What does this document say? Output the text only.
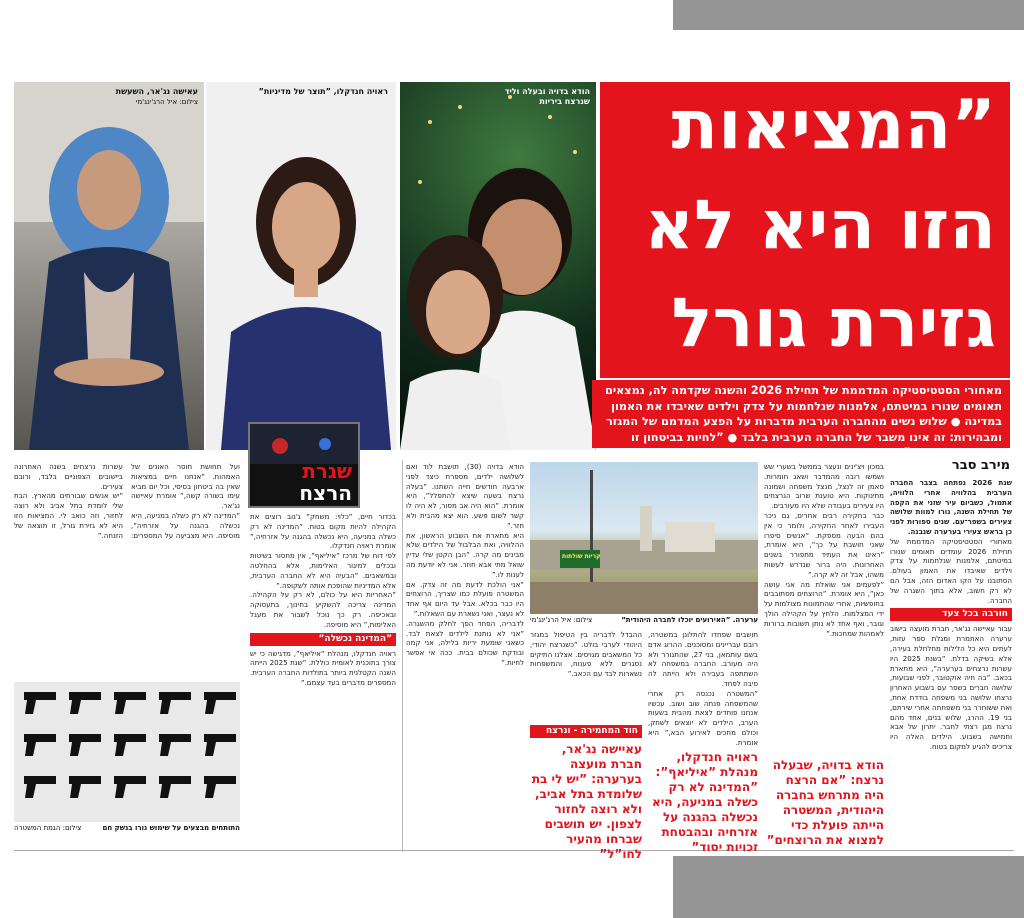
עאישה נג'אר, השעשת
צילום: איל הרג'ינג'מי
ראויה חנדקלו, ”תוצר של מדיניות”	הודא בדויה ובעלה וליד שנרצח ביריות ”המציאות
הזו היא לא
גזירת גורל
מאחורי הסטטיסטיקה המדממת של תחילת 2026 והשנה שקדמה לה, נמצאים תאומים שנורו במיטתם, אלמנות שנלחמות על צדק וילדים שאיבדו את האמון במדינה ● שלוש נשים מהחברה הערבית מדברות על הפצע המדמם של המגזר ומבהירות: זה אינו משבר של החברה הערבית בלבד ● ”לחיות בביטחון זו הזכות הכי בסיסית”
שגרת
הרצח
מירב סבר

שנת 2026 נפתחה בצבר החברה הערבית בהלוויה אחרי הלוויה, אתמול, כשביום עיר שזני את הקפה של תחילת השנה, נורו למוות שלושה צעירים בשפר־עם. שנים ספורות לפני כן בראש צעירי בערערה שנבנה.

מאחורי הסטטיסטיקה המדממת של תחילת 2026 עומדים תאומים שנורו במיטתם, אלמנות שנלחמות על צדק וילדים שאיבדו את האמון בעולם. הסתובנו על הקו האדום הזה, אבל הם לא רק חשוב, אלא בתוך השגרה של החברה.

חורבה בכל צעד

עבור עאיישה נג'אר, חברת מועצה בישוב ערערה האתמרת ומגלת ספר עזות, לעתים היא כל הלילות מחלחלת בעירה, אלא בשיקה בדלת. ”בשנת 2025 היו עשרות נרצחים בערערה”, היא מתארת בכאב. ”בה חיה אוקטובר, לפני שבועות, שלושה חברים בשפר עם בשבוע האחרון נרצחו שלושה בני משפחה בודדת אחת, ואח ששוחרר בני משפחתה אחרי שירתם, בני 19. ההרג, שלוש בנים, אחד מהם נרצח מגן רצתי לחבר. יתרון של אבא וחמישה בשבוע. הילדים האלה היו צריכים להגיע למקום בטוח.

במכון ויצ'ינים ונעצר בממשל בשערי שש ושמשו רובה מהמדבר ושאג חומרות. סאמן זה לנצל, מנצל משפחה ושמונה מתינוקות. היא טוענת שרוב הנרצחים היו צעירים בעבודה שלא היו מעורבים.

כבר בחקירה רבים אחרים, גם ניכר העבירו לאחר החקירה, ולומר כי אין בהם הבעה מספקת. ”אנשים סיפרו שאני חושבת על כך”, היא אומרת, ”ראינו את העתיד מתפורר בשנים האחרונות. היה ברור שנדרש לעשות משהו, אבל זה לא קרה.”

”לפעמים אני שואלת מה אני עושה כאן”, היא אומרת. ”הרוצחים מסתובבים בחופשיות, אחרי שהתמונות מצולמות על ידי המצלמות. הלחץ על הקהילה הולך וגובר, ואף אחד לא נותן תשובות ברורות לאמהות שמחכות.”

הודא בדויה, שבעלה נרצח: ”אם הרצח היה מתרחש בחברה היהודית, המשטרה הייתה פועלת כדי למצוא את הרוצחים”
קריות שולתות
ערערה. ”האירועים יוכלו לחברה היהודית”
צילום: איל הרג'ינג'מי

תושבים שפחדו להתלונן במשטרה, רובם עבריינים ומסוכנים. ההרוג אדם בשם עותמאן, בני 27, שהתגורר ולא היה מעורב. החברה במשפחה לא השתתפה בעבירה ולא הייתה לה סיבה לפחד.

”המשטרה נכנסה רק אחרי שהמשפחה פנתה שוב ושוב. עכשיו אנחנו פוחדים לצאת מהבית בשעות הערב, הילדים לא יוצאים לשחק, וכולם מחכים לאירוע הבא,” היא אומרת.

ההבדל לדבריה בין הטיפול במגזר היהודי לערבי בולט. ”כשנרצח יהודי, כל המשאבים מגויסים. אצלנו התיקים נסגרים ללא פענוח, והמשפחות נשארות לבד עם הכאב.”

חוד המחמירה - ונרצח
ראויה חנדקלו, מנהלת ”איליאף”: ”המדינה לא רק כשלה במניעה, היא נכשלה בהגנה על אזרחיה ובהבטחת זכויות יסוד”
עאיישה נג'אר, חברת מועצה בערערה: ”יש לי בת שלומדת בתל אביב, ולא רוצה לחזור לצפון. יש תושבים שברחו מהעיר לחו”ל”

הודא בדויה (30), תושבת לוד ואם לשלושה ילדים, מספרת כיצד לפני ארבעה חודשים חייה השתנו. ”בעלה נרצח בשעה שיצא להתפלל”, היא אומרת. ”הוא היה אב מסור, לא היה לו קשר לשום פשע. הוא יצא מהבית ולא חזר.”

היא מתארת את השבוע הראשון, את ההלוויה, ואת הבלבול של הילדים שלא מבינים מה קרה. ”הבן הקטן שלי עדיין שואל מתי אבא חוזר. אני לא יודעת מה לענות לו.”

”אני הולכת לדעת מה זה צדק. אם המשטרה פועלת כמו שצריך, הרוצחים היו כבר בכלא. אבל עד היום אף אחד לא נעצר, ואני נשארת עם השאלות.”

לדבריה, הפחד הפך לחלק מהשגרה. ”אני לא נותנת לילדים לצאת לבד. כשאני שומעת יריות בלילה, אני קמה ובודקת שכולם בבית. ככה אי אפשר לחיות.”

בכדור חיים, ”כלוי: משחק” ג'נוב רוצים את הקהילה להיות מקום בטוח. ”המדינה לא רק כשלה במניעה, היא נכשלה בהגנה על אזרחיה,” אומרת ראויה חנדקלו.

לפי דוח של מרכז ”איליאף”, אין מחסור בשיטות ובכלים למיגור האלימות, אלא בהחלטה ובמשאבים. ”הבעיה היא לא החברה הערבית, אלא המדיניות שהופכת אותה לשקופה.”

”האחריות היא על כולם, לא רק על הקהילה. המדינה צריכה להשקיע בחינוך, בתעסוקה ובאכיפה. רק כך נוכל לשבור את מעגל האלימות,” היא מוסיפה.

”המדינה נכשלה”

ראויה חנדקלו, מנהלת ”איליאף”, מדגישה כי יש צורך בתוכנית לאומית כוללת. ”שנת 2025 הייתה השנה הקטלנית ביותר בתולדות החברה הערבית. המספרים מדברים בעד עצמם.”

ועל תחושת חוסר האונים של האמהות. ”אנחנו חיים במציאות שאין בה ביטחון בסיסי, וכל יום מביא עימו בשורה קשה,” אומרת עאיישה נג'אר.

”המדינה לא רק כשלה במניעה, היא נכשלה בהגנה על אזרחיה”, מוסיפה. היא מצביעה על המספרים: עשרות נרצחים בשנה האחרונה ביישובים הצפוניים בלבד, ורובם צעירים.

”יש אנשים שבורחים מהארץ. הבת שלי לומדת בתל אביב ולא רוצה לחזור, וזה כואב לי. המציאות הזו היא לא גזירת גורל, זו תוצאה של הזנחה.”

התותחים מבצעים על שימוש נורו בנשק חם
צילום: הגמת המשטרה
